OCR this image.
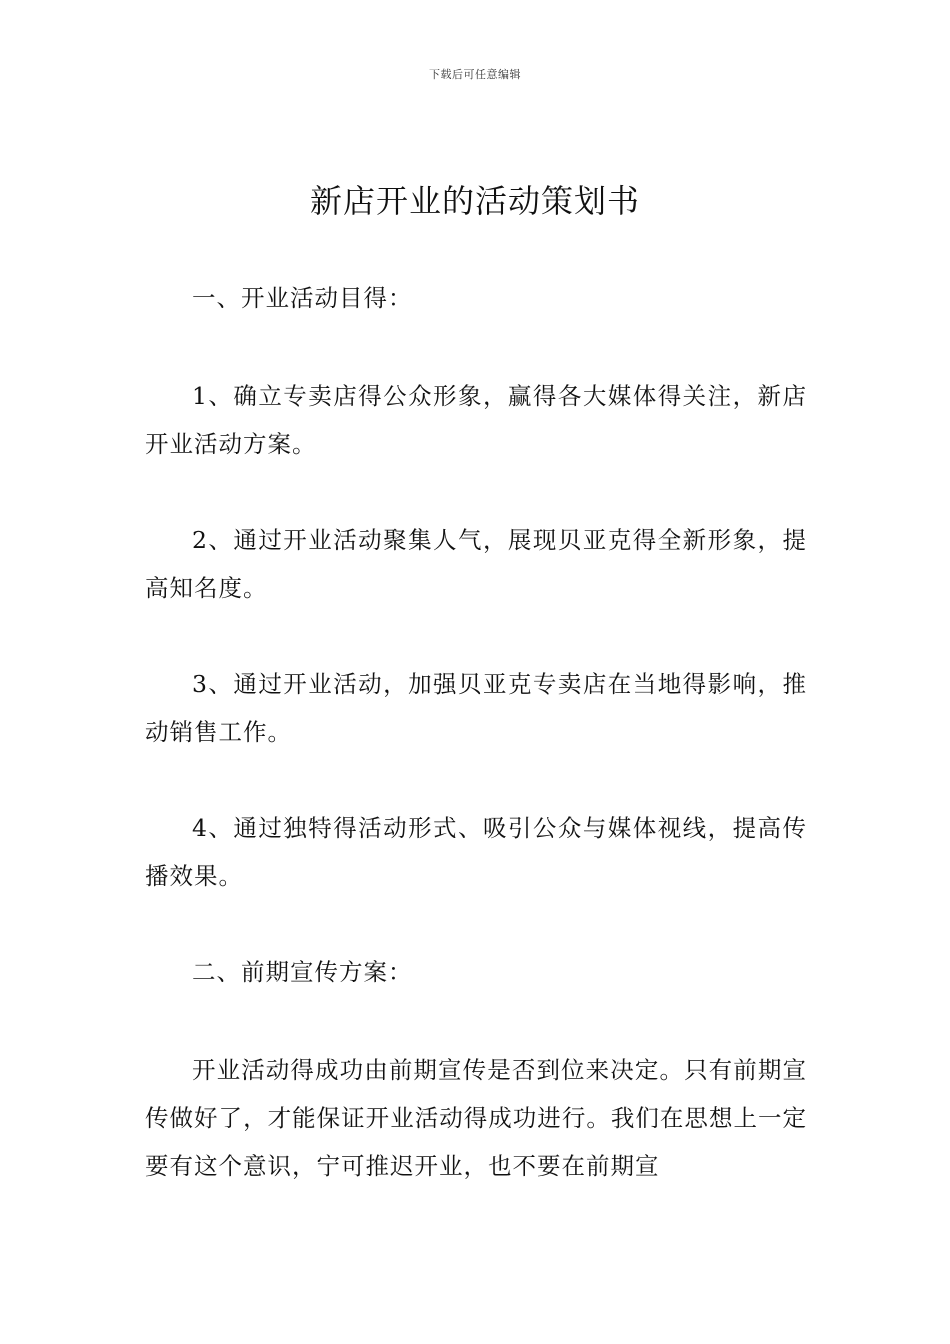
下载后可任意编辑
新店开业的活动策划书

一、开业活动目得：

1、确立专卖店得公众形象，赢得各大媒体得关注，新店开业活动方案。

2、通过开业活动聚集人气，展现贝亚克得全新形象，提高知名度。

3、通过开业活动，加强贝亚克专卖店在当地得影响，推动销售工作。

4、通过独特得活动形式、吸引公众与媒体视线，提高传播效果。

二、前期宣传方案：

开业活动得成功由前期宣传是否到位来决定。只有前期宣传做好了，才能保证开业活动得成功进行。我们在思想上一定要有这个意识，宁可推迟开业，也不要在前期宣
